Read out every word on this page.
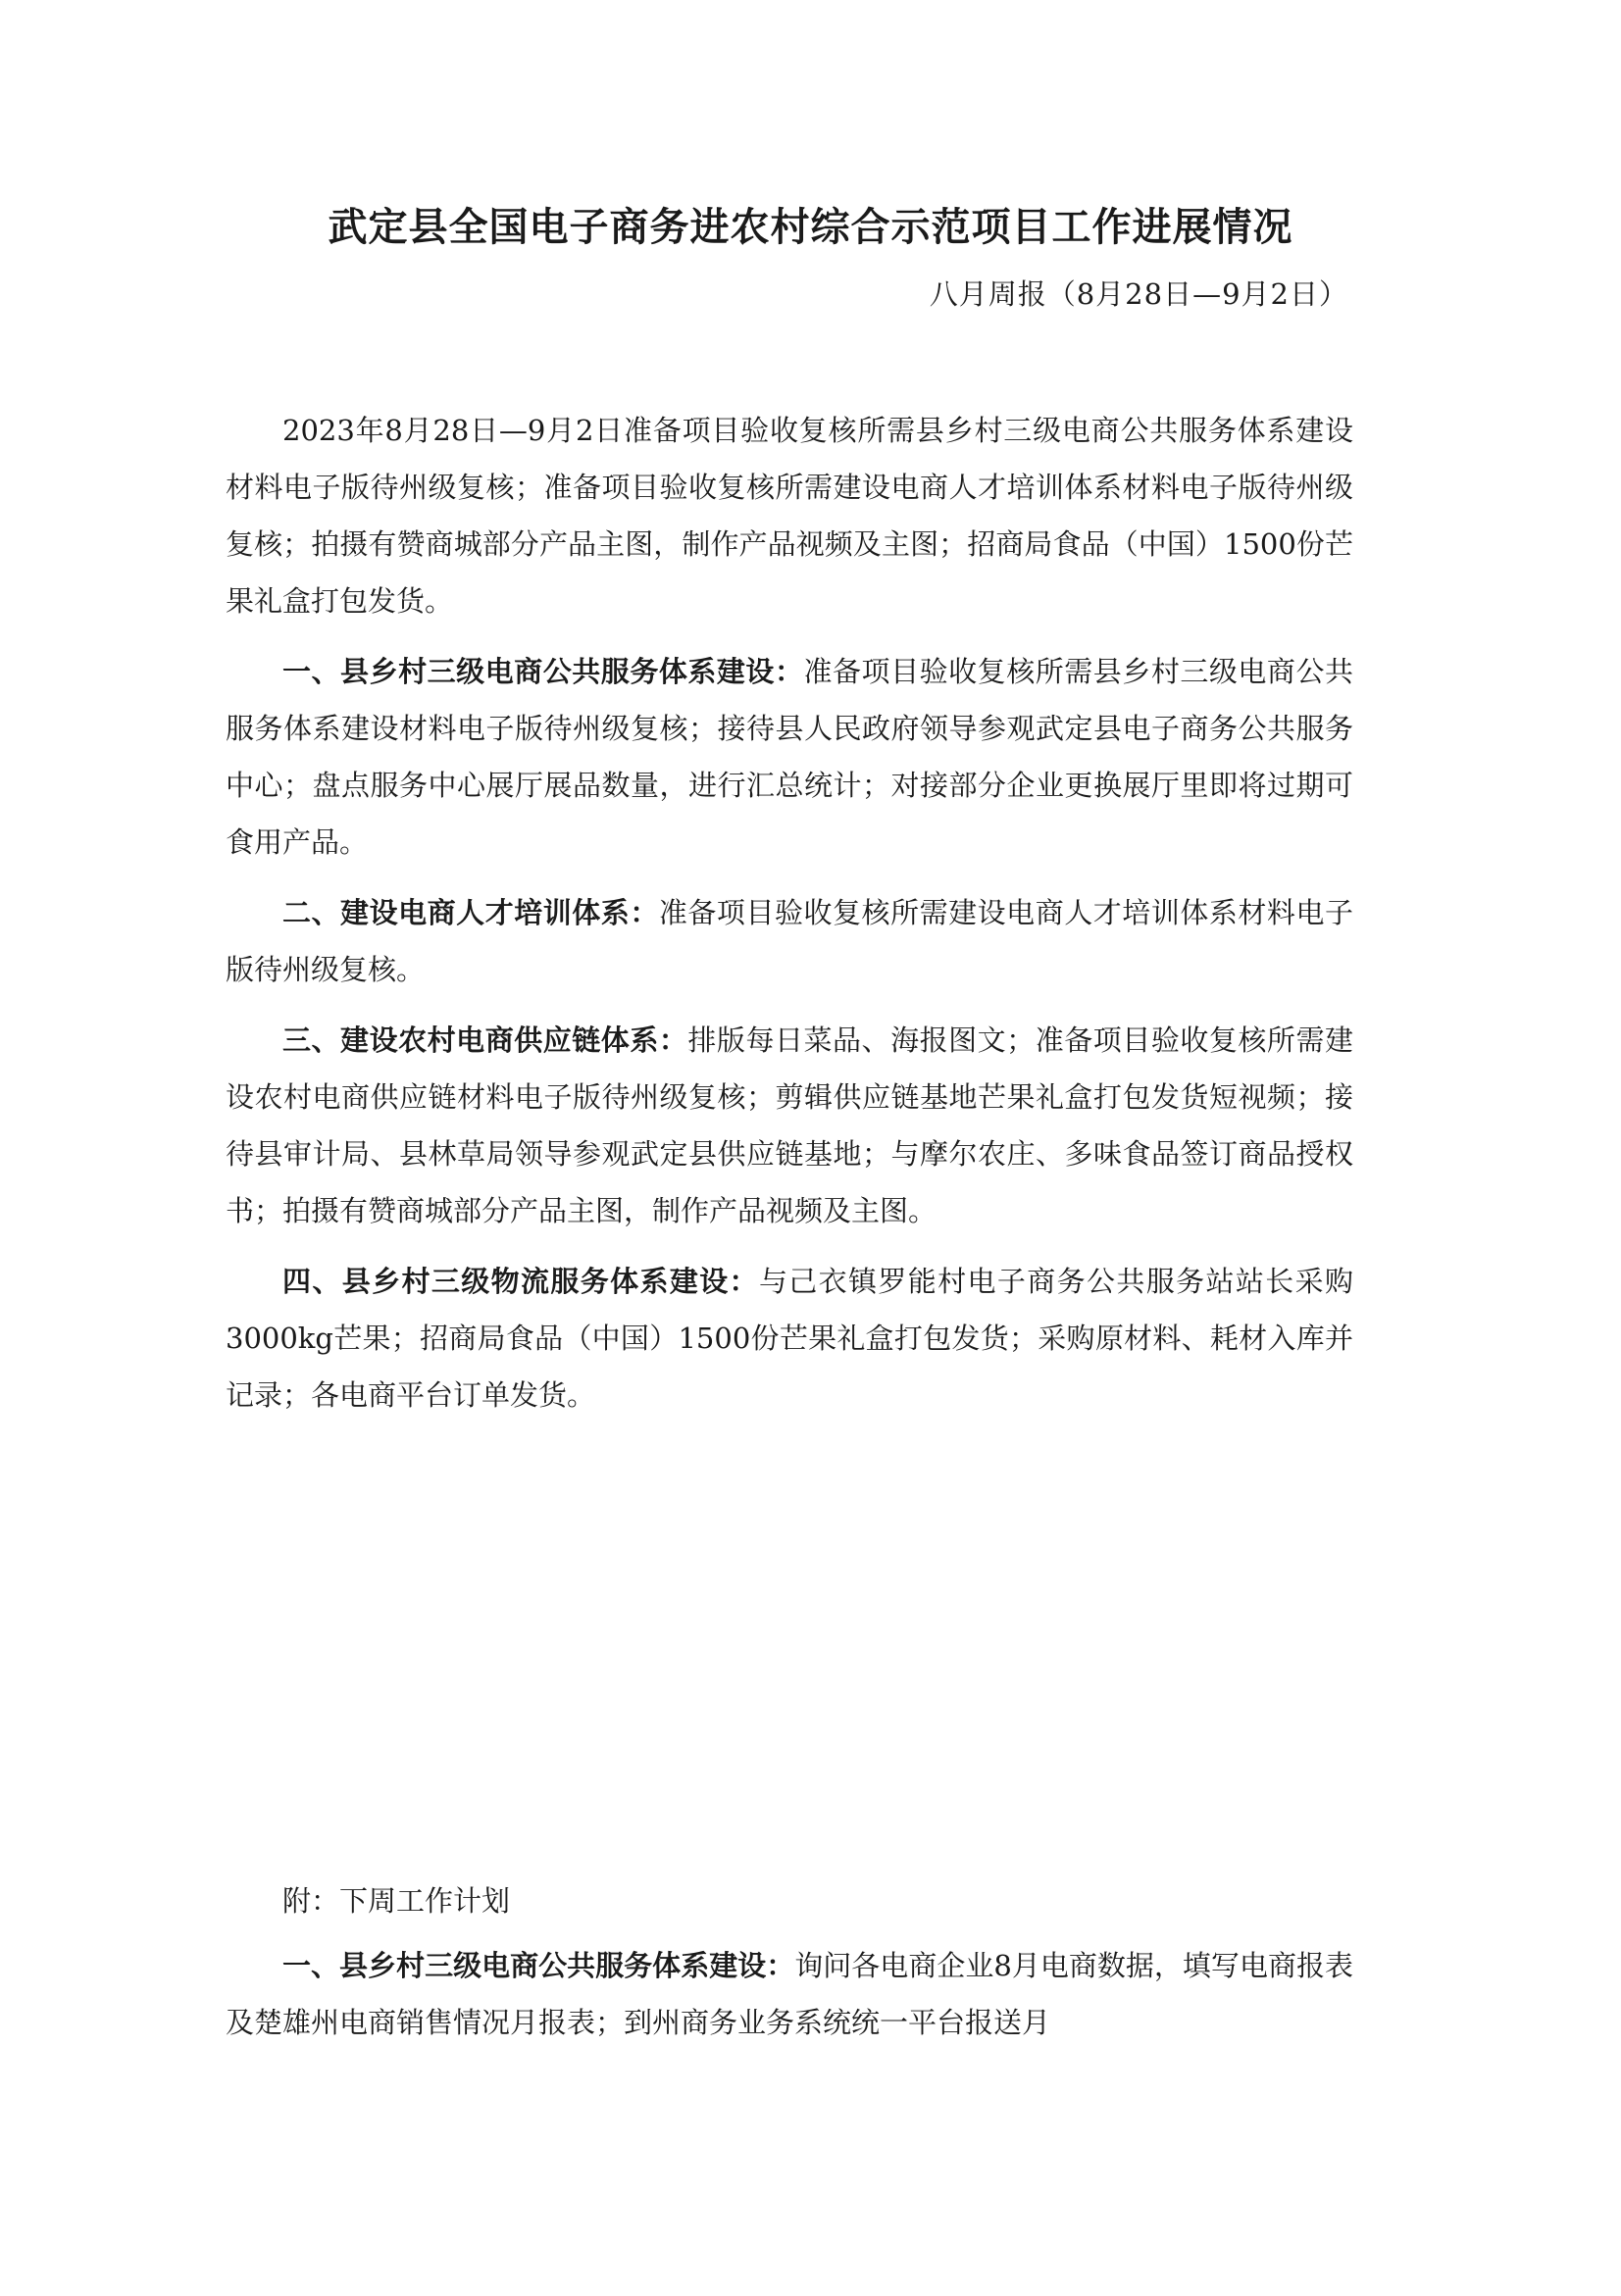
武定县全国电子商务进农村综合示范项目工作进展情况
八月周报（8月28日—9月2日）

2023年8月28日—9月2日准备项目验收复核所需县乡村三级电商公共服务体系建设材料电子版待州级复核；准备项目验收复核所需建设电商人才培训体系材料电子版待州级复核；拍摄有赞商城部分产品主图，制作产品视频及主图；招商局食品（中国）1500份芒果礼盒打包发货。

一、县乡村三级电商公共服务体系建设：准备项目验收复核所需县乡村三级电商公共服务体系建设材料电子版待州级复核；接待县人民政府领导参观武定县电子商务公共服务中心；盘点服务中心展厅展品数量，进行汇总统计；对接部分企业更换展厅里即将过期可食用产品。

二、建设电商人才培训体系：准备项目验收复核所需建设电商人才培训体系材料电子版待州级复核。

三、建设农村电商供应链体系：排版每日菜品、海报图文；准备项目验收复核所需建设农村电商供应链材料电子版待州级复核；剪辑供应链基地芒果礼盒打包发货短视频；接待县审计局、县林草局领导参观武定县供应链基地；与摩尔农庄、多味食品签订商品授权书；拍摄有赞商城部分产品主图，制作产品视频及主图。

四、县乡村三级物流服务体系建设：与己衣镇罗能村电子商务公共服务站站长采购3000kg芒果；招商局食品（中国）1500份芒果礼盒打包发货；采购原材料、耗材入库并记录；各电商平台订单发货。

附：下周工作计划

一、县乡村三级电商公共服务体系建设：询问各电商企业8月电商数据，填写电商报表及楚雄州电商销售情况月报表；到州商务业务系统统一平台报送月
